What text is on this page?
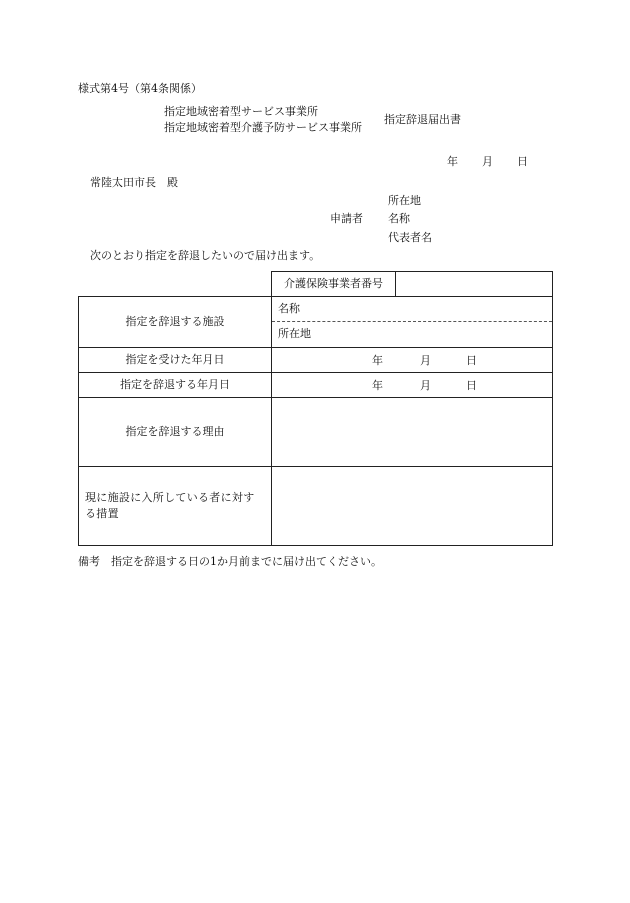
様式第4号（第4条関係）
指定地域密着型サービス事業所
指定地域密着型介護予防サービス事業所
指定辞退届出書
年 月 日
常陸太田市長　殿
所在地
申請者 名称
代表者名
次のとおり指定を辞退したいので届け出ます。

介護保険事業者番号

指定を辞退する施設	名称
所在地

指定を受けた年月日	年 月 日

指定を辞退する年月日	年 月 日

指定を辞退する理由	

現に施設に入所している者に対する措置	

備考　指定を辞退する日の1か月前までに届け出てください。
